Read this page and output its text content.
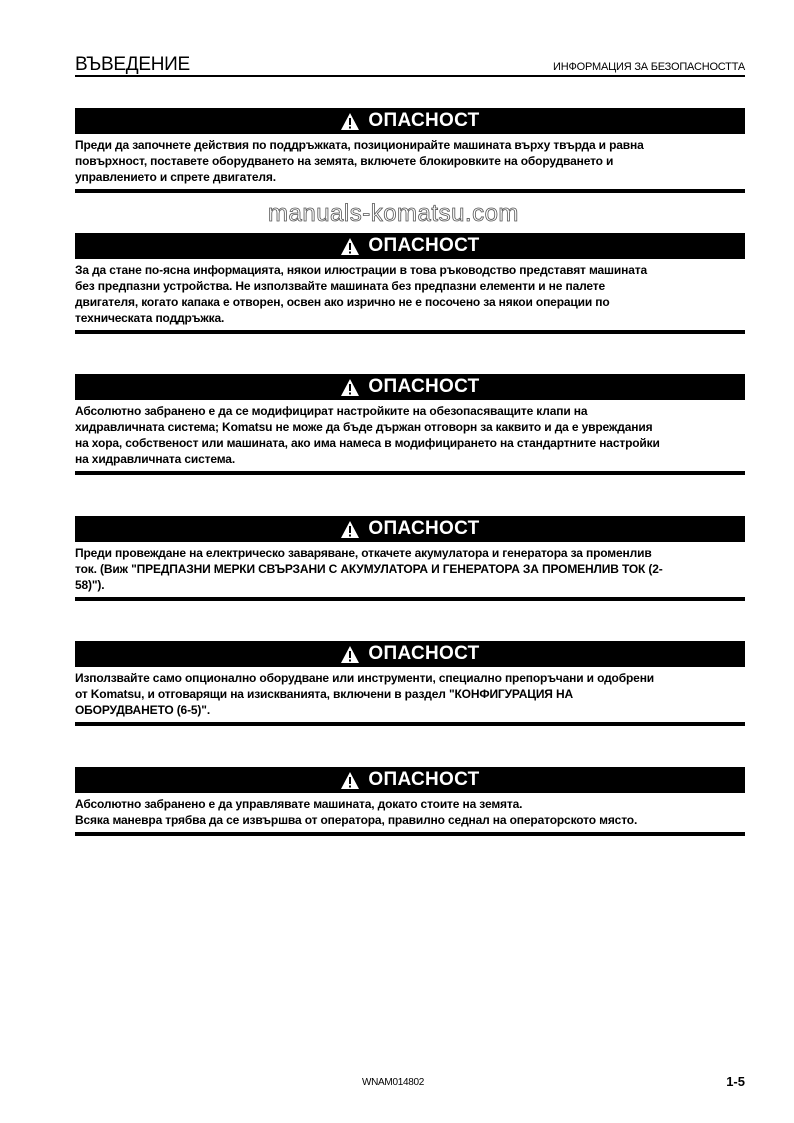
ВЪВЕДЕНИЕ	ИНФОРМАЦИЯ ЗА БЕЗОПАСНОСТТА
ОПАСНОСТ
Преди да започнете действия по поддръжката, позиционирайте машината върху твърда и равна
повърхност, поставете оборудването на земята, включете блокировките на оборудването и
управлението и спрете двигателя.
ОПАСНОСТ
За да стане по-ясна информацията, някои илюстрации в това ръководство представят машината
без предпазни устройства. Не използвайте машината без предпазни елементи и не палете
двигателя, когато капака е отворен, освен ако изрично не е посочено за някои операции по
техническата поддръжка.
ОПАСНОСТ
Абсолютно забранено е да се модифицират настройките на обезопасяващите клапи на
хидравличната система; Komatsu не може да бъде държан отговорн за каквито и да е увреждания
на хора, собственост или машината, ако има намеса в модифицирането на стандартните настройки
на хидравличната система.
ОПАСНОСТ
Преди провеждане на електрическо заваряване, откачете акумулатора и генератора за променлив
ток. (Виж "ПРЕДПАЗНИ МЕРКИ СВЪРЗАНИ С АКУМУЛАТОРА И ГЕНЕРАТОРА ЗА ПРОМЕНЛИВ ТОК (2-
58)").
ОПАСНОСТ
Използвайте само опционално оборудване или инструменти, специално препоръчани и одобрени
от Komatsu, и отговарящи на изискванията, включени в раздел "КОНФИГУРАЦИЯ НА
ОБОРУДВАНЕТО (6-5)".
ОПАСНОСТ
Абсолютно забранено е да управлявате машината, докато стоите на земята.
Всяка маневра трябва да се извършва от оператора, правилно седнал на операторското място.
manuals-komatsu.com
WNAM014802	1-5
